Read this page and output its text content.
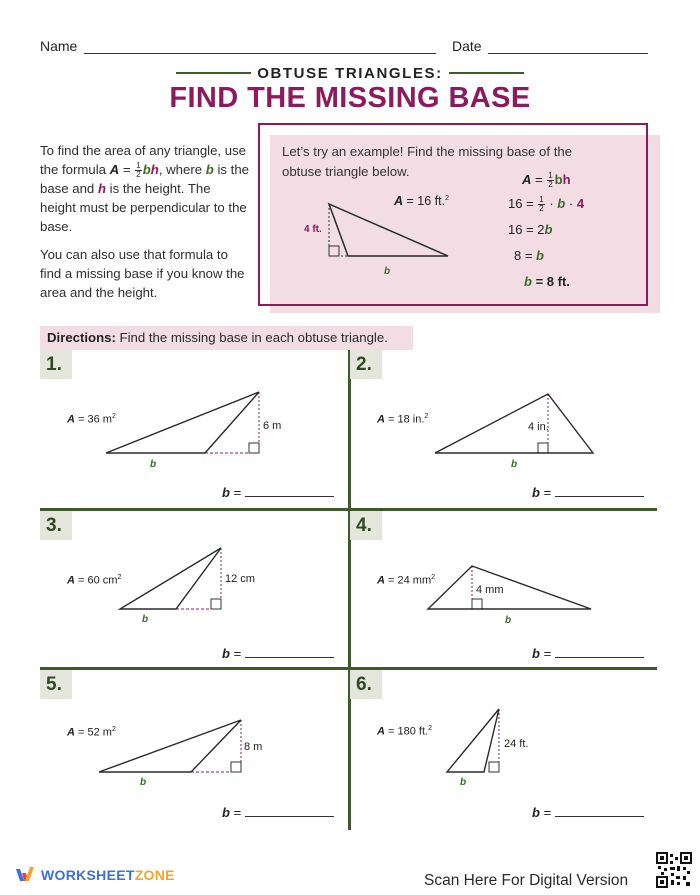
Name	Date
OBTUSE TRIANGLES:
FIND THE MISSING BASE

To find the area of any triangle, use the formula $A = \frac{1}{2}$ bh, where b is the base and h is the height. The height must be perpendicular to the base.

You can also use that formula to find a missing base if you know the area and the height.

Let’s try an example! Find the missing base of the obtuse triangle below.
A = 16 ft.$^2$
4 ft.
b
$A = \frac{1}{2}$ bh
$16 = \frac{1}{2} \cdot b \cdot 4$
16 = 2b
8 = b
b = 8 ft.
Directions: Find the missing base in each obtuse triangle.
1.
A = 36 $m^2$
6 m
b
b =
2.
A = 18 in.$^2$
4 in.
b
b =
3.
A = 60 $cm^2$	12 cm
b
b =
4.
A = 24 $mm^2$
4 mm
b
b =
5.
A = 52 $m^2$
8 m
b
b =
6.
A = 180 ft.$^2$
24 ft.
b
b =
WORKSHEETZONE	Scan Here For Digital Version
